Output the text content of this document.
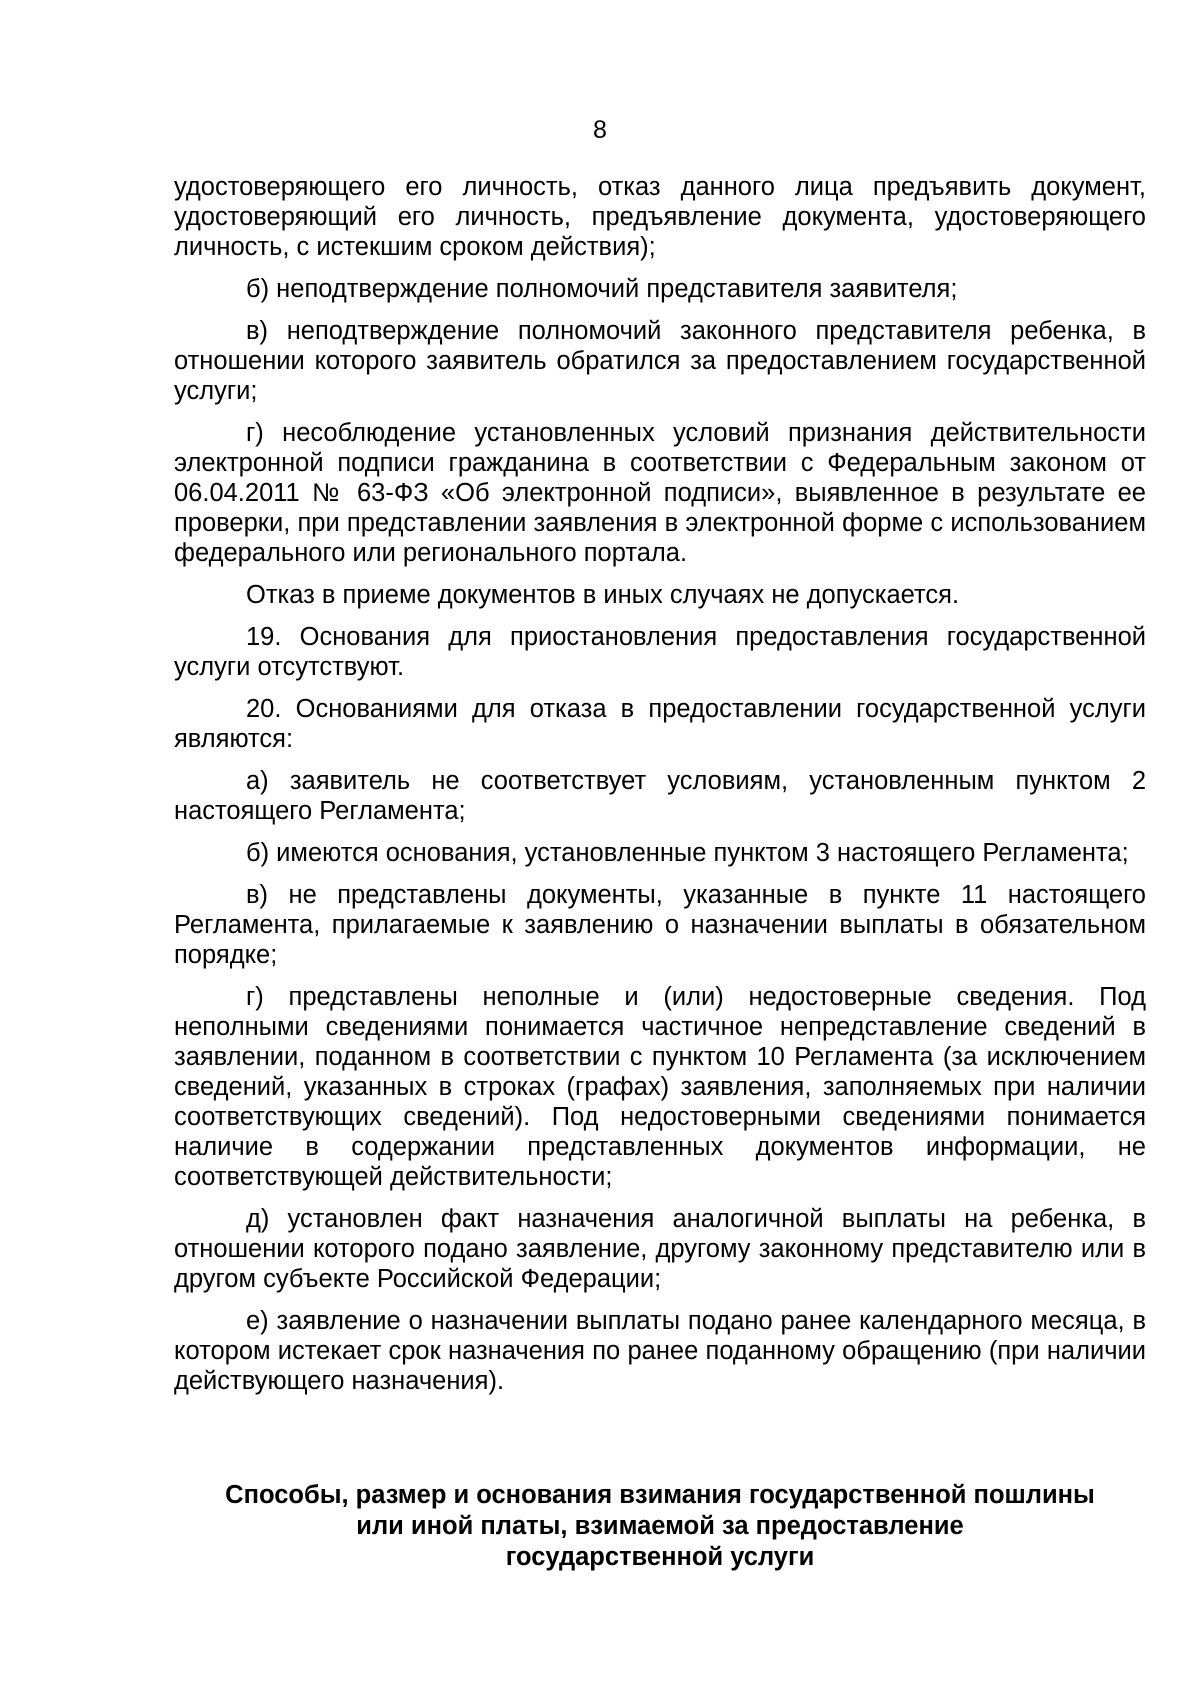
8

удостоверяющего его личность, отказ данного лица предъявить документ, удостоверяющий его личность, предъявление документа, удостоверяющего личность, с истекшим сроком действия);

б) неподтверждение полномочий представителя заявителя;

в) неподтверждение полномочий законного представителя ребенка, в отношении которого заявитель обратился за предоставлением государственной услуги;

г) несоблюдение установленных условий признания действительности электронной подписи гражданина в соответствии с Федеральным законом от 06.04.2011 № 63-ФЗ «Об электронной подписи», выявленное в результате ее проверки, при представлении заявления в электронной форме с использованием федерального или регионального портала.

Отказ в приеме документов в иных случаях не допускается.

19. Основания для приостановления предоставления государственной услуги отсутствуют.

20. Основаниями для отказа в предоставлении государственной услуги являются:

а) заявитель не соответствует условиям, установленным пунктом 2 настоящего Регламента;

б) имеются основания, установленные пунктом 3 настоящего Регламента;

в) не представлены документы, указанные в пункте 11 настоящего Регламента, прилагаемые к заявлению о назначении выплаты в обязательном порядке;

г) представлены неполные и (или) недостоверные сведения. Под неполными сведениями понимается частичное непредставление сведений в заявлении, поданном в соответствии с пунктом 10 Регламента (за исключением сведений, указанных в строках (графах) заявления, заполняемых при наличии соответствующих сведений). Под недостоверными сведениями понимается наличие в содержании представленных документов информации, не соответствующей действительности;

д) установлен факт назначения аналогичной выплаты на ребенка, в отношении которого подано заявление, другому законному представителю или в другом субъекте Российской Федерации;

е) заявление о назначении выплаты подано ранее календарного месяца, в котором истекает срок назначения по ранее поданному обращению (при наличии действующего назначения).

Способы, размер и основания взимания государственной пошлины
или иной платы, взимаемой за предоставление
государственной услуги
